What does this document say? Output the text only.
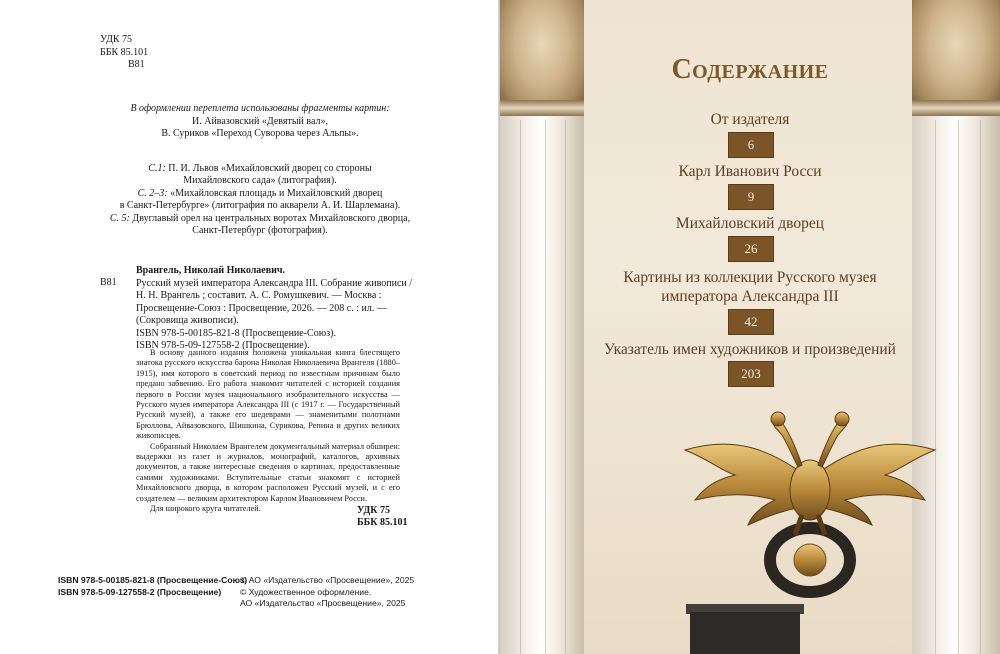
УДК 75
ББК 85.101
В81

В оформлении переплета использованы фрагменты картин:

И. Айвазовский «Девятый вал»,

В. Суриков «Переход Суворова через Альпы».

С.1: П. И. Львов «Михайловский дворец со стороны

Михайловского сада» (литография).

С. 2–3: «Михайловская площадь и Михайловский дворец

в Санкт-Петербурге» (литография по акварели А. И. Шарлемана).

С. 5: Двуглавый орел на центральных воротах Михайловского дворца,

Санкт-Петербург (фотография).

Врангель, Николай Николаевич.
В81 Русский музей императора Александра III. Собрание живописи /

Н. Н. Врангель ; составит. А. С. Ромушкевич. — Москва :

Просвещение-Союз : Просвещение, 2026. — 208 с. : ил. —

(Сокровища живописи).

ISBN 978-5-00185-821-8 (Просвещение-Союз).

ISBN 978-5-09-127558-2 (Просвещение).

В основу данного издания положена уникальная книга блестящего знатока русского искусства барона Николая Николаевича Врангеля (1880–1915), имя которого в советский период по известным причинам было предано забвению. Его работа знакомит читателей с историей создания первого в России музея национального изобразительного искусства — Русского музея императора Александра III (с 1917 г. — Государственный Русский музей), а также его шедеврами — знаменитыми полотнами Брюллова, Айвазовского, Шишкина, Сурикова, Репина и других великих живописцев.

Собранный Николаем Врангелем документальный материал обширен: выдержки из газет и журналов, монографий, каталогов, архивных документов, а также интересные сведения о картинах, предоставленные самими художниками. Вступительные статьи знакомят с историей Михайловского дворца, в котором расположен Русский музей, и с его создателем — великим архитектором Карлом Ивановичем Росси.

Для широкого круга читателей.	УДК 75
ББК 85.101
ISBN 978-5-00185-821-8 (Просвещение-Союз)
ISBN 978-5-09-127558-2 (Просвещение)
© АО «Издательство «Просвещение», 2025
© Художественное оформление.
АО «Издательство «Просвещение», 2025
Содержание
От издателя
6
Карл Иванович Росси
9
Михайловский дворец
26
Картины из коллекции Русского музея
императора Александра III
42
Указатель имен художников и произведений
203
